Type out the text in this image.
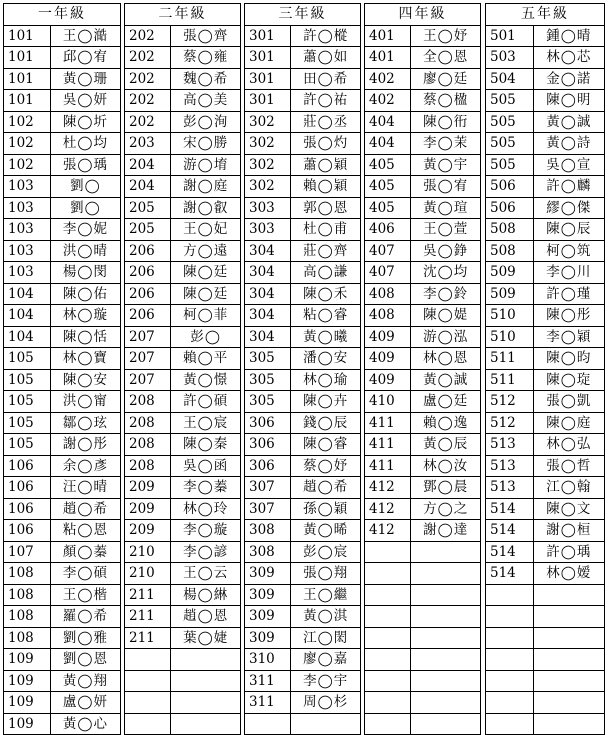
一年級	
101	王◯澔
101	邱◯宥
101	黃◯珊
101	吳◯妍
102	陳◯圻
102	杜◯均
102	張◯瑀
103	劉◯
103	劉◯
103	李◯妮
103	洪◯晴
103	楊◯閔
104	陳◯佑
104	林◯璇
104	陳◯恬
105	林◯寶
105	陳◯安
105	洪◯甯
105	鄒◯玹
105	謝◯彤
106	余◯彥
106	汪◯晴
106	趙◯希
106	粘◯恩
107	顏◯蓁
108	李◯碩
108	王◯楷
108	羅◯希
108	劉◯雅
109	劉◯恩
109	黃◯翔
109	盧◯妍
109	黃◯心
二年級	
202	張◯齊
202	蔡◯雍
202	魏◯希
202	高◯美
202	彭◯洵
203	宋◯勝
204	游◯堉
204	謝◯庭
205	謝◯叡
205	王◯妃
206	方◯遠
206	陳◯廷
206	陳◯廷
206	柯◯菲
207	彭◯
207	賴◯平
207	黃◯憬
208	許◯碩
208	王◯宸
208	陳◯秦
208	吳◯函
209	李◯蓁
209	林◯玲
209	李◯璇
210	李◯諺
210	王◯云
211	楊◯綝
211	趙◯恩
211	葉◯婕

三年級	
301	許◯樅
301	蕭◯如
301	田◯希
301	許◯祐
302	莊◯丞
302	張◯灼
302	蕭◯穎
302	賴◯穎
303	郭◯恩
303	杜◯甫
304	莊◯齊
304	高◯謙
304	陳◯禾
304	粘◯睿
304	黃◯曦
305	潘◯安
305	林◯瑜
305	陳◯卉
306	錢◯辰
306	陳◯睿
306	蔡◯妤
307	趙◯希
307	孫◯穎
308	黃◯晞
308	彭◯宸
309	張◯翔
309	王◯繼
309	黃◯淇
309	江◯閎
310	廖◯嘉
311	李◯宇
311	周◯杉

四年級	
401	王◯妤
401	全◯恩
402	廖◯廷
402	蔡◯楹
404	陳◯衎
404	李◯茉
405	黃◯宇
405	張◯宥
405	黃◯瑄
406	王◯萱
407	吳◯錚
407	沈◯均
408	李◯鈴
408	陳◯媞
409	游◯泓
409	林◯恩
409	黃◯誠
410	盧◯廷
411	賴◯逸
411	黃◯辰
411	林◯汝
412	鄧◯晨
412	方◯之
412	謝◯達

五年級	
501	鍾◯晴
503	林◯芯
504	金◯諾
505	陳◯明
505	黃◯誠
505	黃◯詩
505	吳◯宣
506	許◯麟
506	繆◯傑
508	陳◯辰
508	柯◯筑
509	李◯川
509	許◯瑾
510	陳◯彤
510	李◯穎
511	陳◯昀
511	陳◯琁
512	張◯凱
512	陳◯庭
513	林◯弘
513	張◯哲
513	江◯翰
514	陳◯文
514	謝◯桓
514	許◯瑀
514	林◯嫒
